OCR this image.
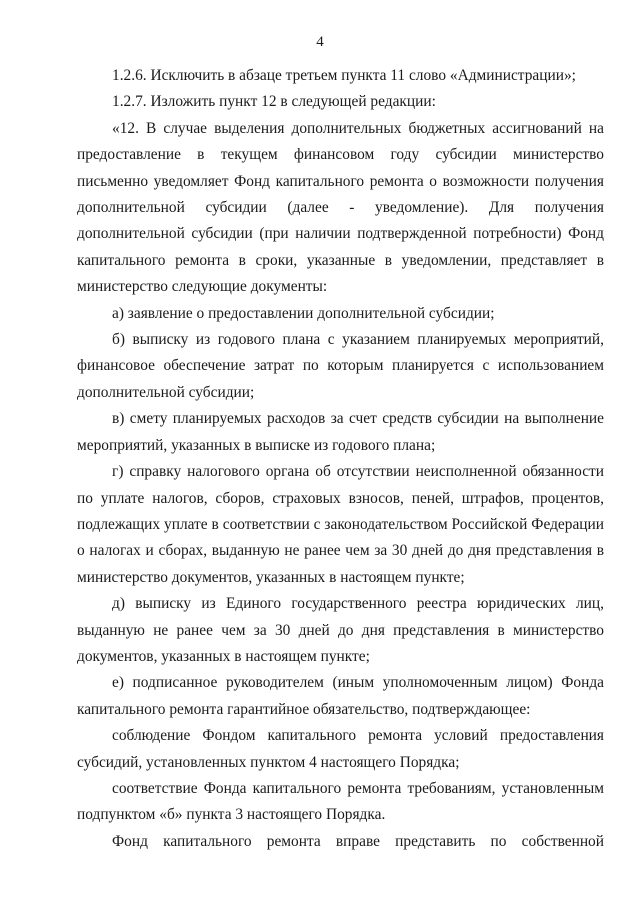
4

1.2.6. Исключить в абзаце третьем пункта 11 слово «Администрации»;

1.2.7. Изложить пункт 12 в следующей редакции:

«12. В случае выделения дополнительных бюджетных ассигнований на предоставление в текущем финансовом году субсидии министерство письменно уведомляет Фонд капитального ремонта о возможности получения дополнительной субсидии (далее - уведомление). Для получения дополнительной субсидии (при наличии подтвержденной потребности) Фонд капитального ремонта в сроки, указанные в уведомлении, представляет в министерство следующие документы:

а) заявление о предоставлении дополнительной субсидии;

б) выписку из годового плана с указанием планируемых мероприятий, финансовое обеспечение затрат по которым планируется с использованием дополнительной субсидии;

в) смету планируемых расходов за счет средств субсидии на выполнение мероприятий, указанных в выписке из годового плана;

г) справку налогового органа об отсутствии неисполненной обязанности по уплате налогов, сборов, страховых взносов, пеней, штрафов, процентов, подлежащих уплате в соответствии с законодательством Российской Федерации о налогах и сборах, выданную не ранее чем за 30 дней до дня представления в министерство документов, указанных в настоящем пункте;

д) выписку из Единого государственного реестра юридических лиц, выданную не ранее чем за 30 дней до дня представления в министерство документов, указанных в настоящем пункте;

е) подписанное руководителем (иным уполномоченным лицом) Фонда капитального ремонта гарантийное обязательство, подтверждающее:

соблюдение Фондом капитального ремонта условий предоставления субсидий, установленных пунктом 4 настоящего Порядка;

соответствие Фонда капитального ремонта требованиям, установленным подпунктом «б» пункта 3 настоящего Порядка.

Фонд капитального ремонта вправе представить по собственной
